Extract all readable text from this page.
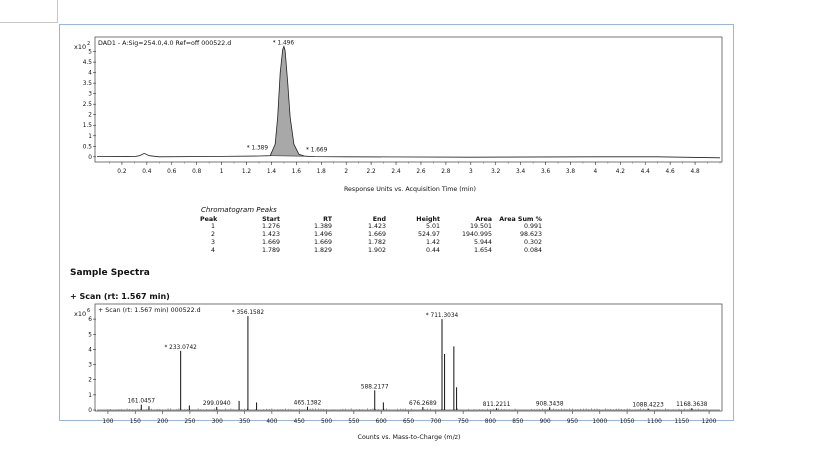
x10 2 DAD1 - A:Sig=254.0,4.0 Ref=off 000522.d
0
0.5
1
1.5
2
2.5
3
3.5
4
4.5
5
0.2	0.4	0.6	0.8	1	1.2	1.4	1.6	1.8	2	2.2	2.4	2.6	2.8	3	3.2	3.4	3.6	3.8	4	4.2	4.4	4.6	4.8
* 1.389
* 1.496
* 1.669
Response Units vs. Acquisition Time (min)
Chromatogram Peaks
Peak	Start	RT	End	Height	Area	Area Sum %
1	1.276	1.389	1.423	5.01	19.501	0.991
2	1.423	1.496	1.669	524.97	1940.995	98.623
3	1.669	1.669	1.782	1.42	5.944	0.302
4	1.789	1.829	1.902	0.44	1.654	0.084
Sample Spectra
+ Scan (rt: 1.567 min)
x10 6 + Scan (rt: 1.567 min) 000522.d
0
1
2
3
4
5
6
100	150	200	250	300	350	400	450	500	550	600	650	700	750	800	850	900	950 1000 1050 1100 1150 1200
161.0457
* 233.0742
299.0940
* 356.1582
465.1382
588.2177
676.2689
* 711.3034
811.2211	908.3438	1088.4223 1168.3638
Counts vs. Mass-to-Charge (m/z)
